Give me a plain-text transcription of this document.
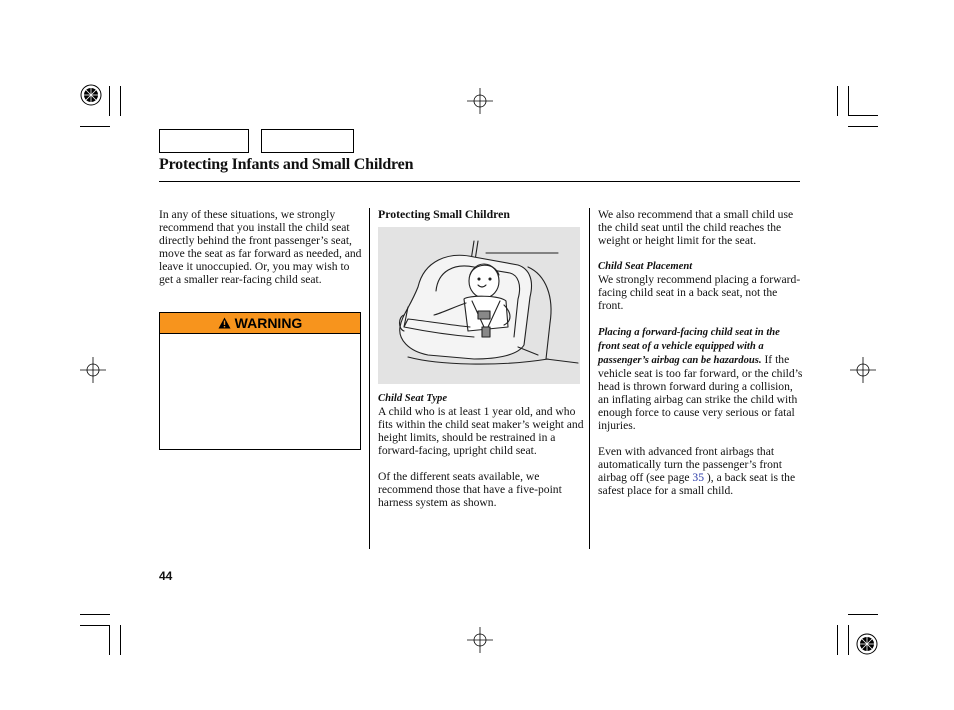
Protecting Infants and Small Children

In any of these situations, we strongly recommend that you install the child seat directly behind the front passenger’s seat, move the seat as far forward as needed, and leave it unoccupied. Or, you may wish to get a smaller rear-facing child seat.

WARNING
Protecting Small Children
Child Seat Type

A child who is at least 1 year old, and who fits within the child seat maker’s weight and height limits, should be restrained in a forward-facing, upright child seat.

Of the different seats available, we recommend those that have a five-point harness system as shown.

We also recommend that a small child use the child seat until the child reaches the weight or height limit for the seat.

Child Seat Placement

We strongly recommend placing a forward-facing child seat in a back seat, not the front.

Placing a forward-facing child seat in the front seat of a vehicle equipped with a passenger’s airbag can be hazardous. If the vehicle seat is too far forward, or the child’s head is thrown forward during a collision, an inflating airbag can strike the child with enough force to cause very serious or fatal injuries.

Even with advanced front airbags that automatically turn the passenger’s front airbag off (see page 35 ), a back seat is the safest place for a small child.

44
